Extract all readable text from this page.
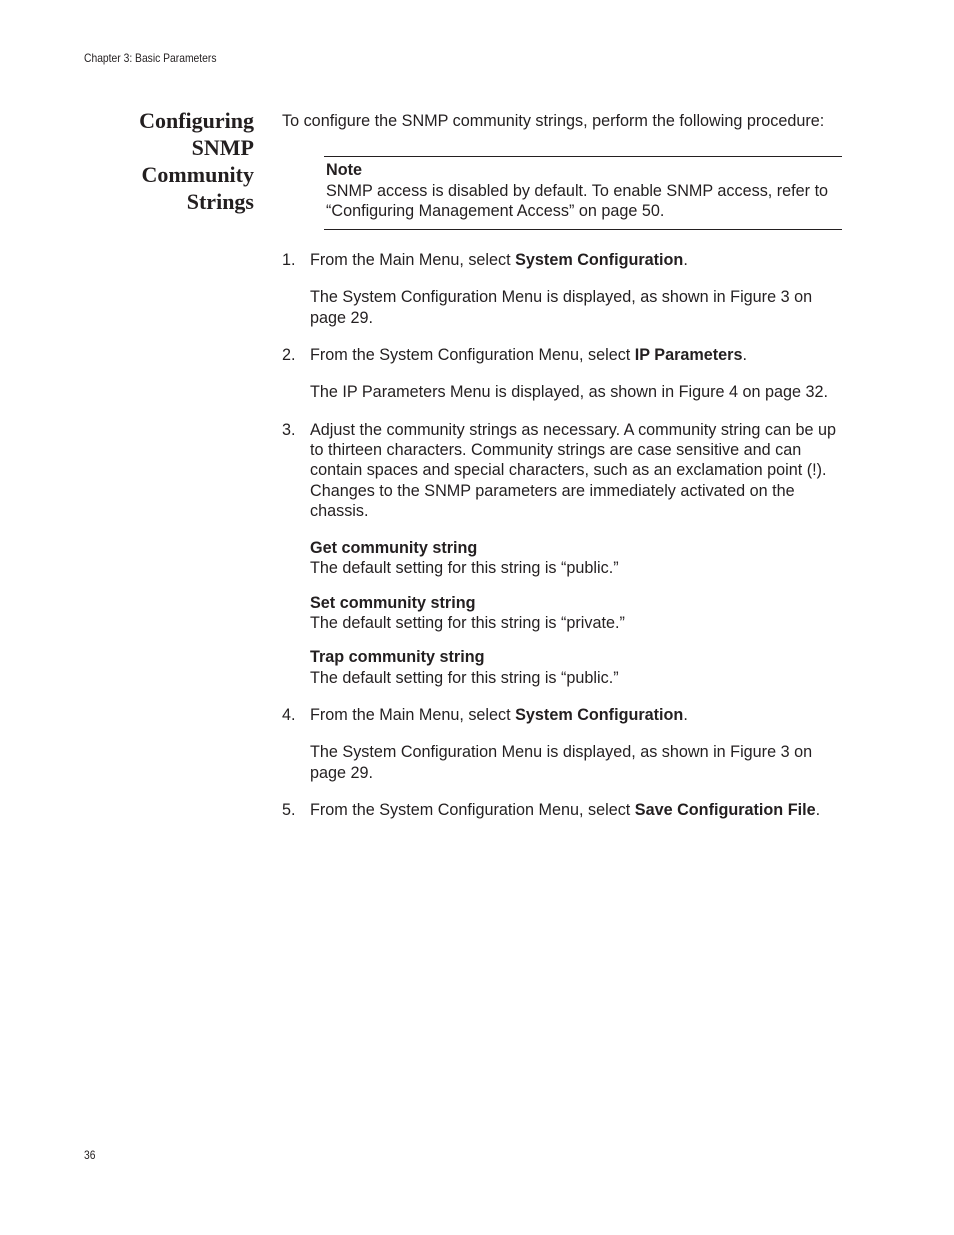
Chapter 3: Basic Parameters
Configuring
SNMP
Community
Strings

To configure the SNMP community strings, perform the following procedure:

Note
SNMP access is disabled by default. To enable SNMP access, refer to “Configuring Management Access” on page 50.
1. From the Main Menu, select System Configuration.

The System Configuration Menu is displayed, as shown in Figure 3 on page 29.

2. From the System Configuration Menu, select IP Parameters.

The IP Parameters Menu is displayed, as shown in Figure 4 on page 32.

3. Adjust the community strings as necessary. A community string can be up to thirteen characters. Community strings are case sensitive and can contain spaces and special characters, such as an exclamation point (!). Changes to the SNMP parameters are immediately activated on the chassis.

Get community string
The default setting for this string is “public.”
Set community string
The default setting for this string is “private.”
Trap community string
The default setting for this string is “public.”
4. From the Main Menu, select System Configuration.

The System Configuration Menu is displayed, as shown in Figure 3 on page 29.

5. From the System Configuration Menu, select Save Configuration File.

36
